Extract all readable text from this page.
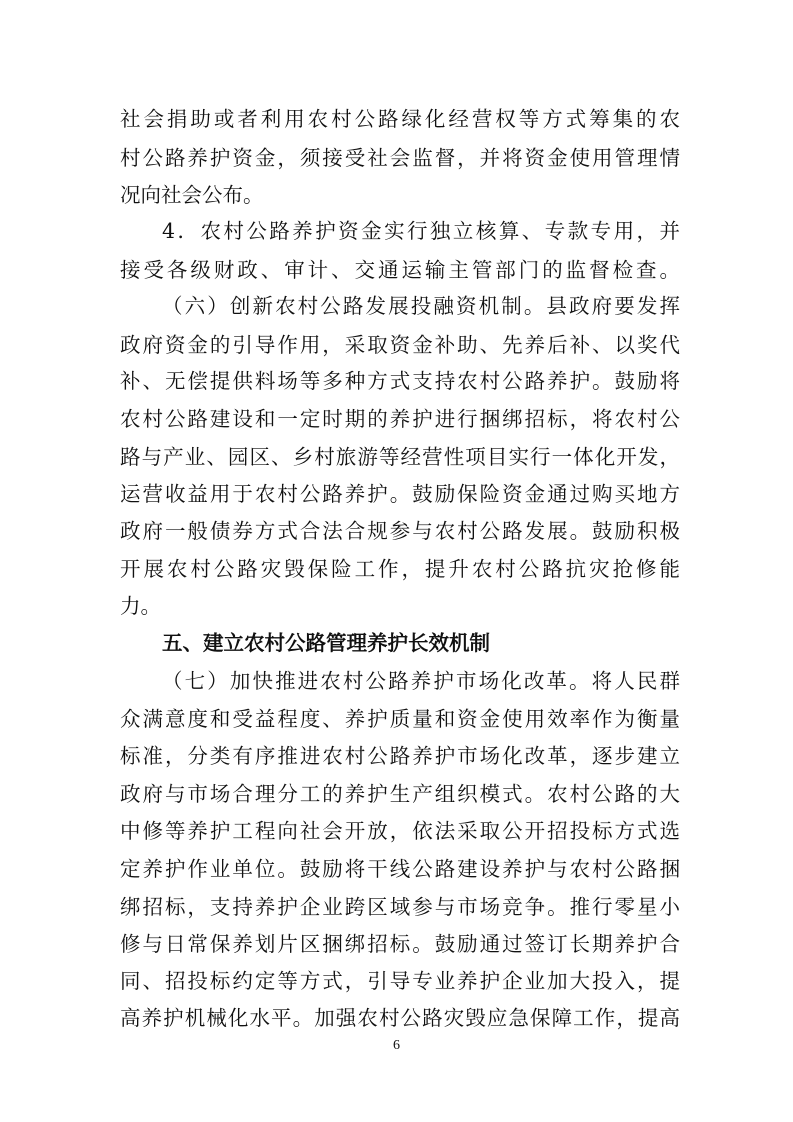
社会捐助或者利用农村公路绿化经营权等方式筹集的农
村公路养护资金，须接受社会监督，并将资金使用管理情
况向社会公布。
4．农村公路养护资金实行独立核算、专款专用，并
接受各级财政、审计、交通运输主管部门的监督检查。
（六）创新农村公路发展投融资机制。县政府要发挥
政府资金的引导作用，采取资金补助、先养后补、以奖代
补、无偿提供料场等多种方式支持农村公路养护。鼓励将
农村公路建设和一定时期的养护进行捆绑招标，将农村公
路与产业、园区、乡村旅游等经营性项目实行一体化开发，
运营收益用于农村公路养护。鼓励保险资金通过购买地方
政府一般债券方式合法合规参与农村公路发展。鼓励积极
开展农村公路灾毁保险工作，提升农村公路抗灾抢修能
力。
五、建立农村公路管理养护长效机制
（七）加快推进农村公路养护市场化改革。将人民群
众满意度和受益程度、养护质量和资金使用效率作为衡量
标准，分类有序推进农村公路养护市场化改革，逐步建立
政府与市场合理分工的养护生产组织模式。农村公路的大
中修等养护工程向社会开放，依法采取公开招投标方式选
定养护作业单位。鼓励将干线公路建设养护与农村公路捆
绑招标，支持养护企业跨区域参与市场竞争。推行零星小
修与日常保养划片区捆绑招标。鼓励通过签订长期养护合
同、招投标约定等方式，引导专业养护企业加大投入，提
高养护机械化水平。加强农村公路灾毁应急保障工作，提高
6
